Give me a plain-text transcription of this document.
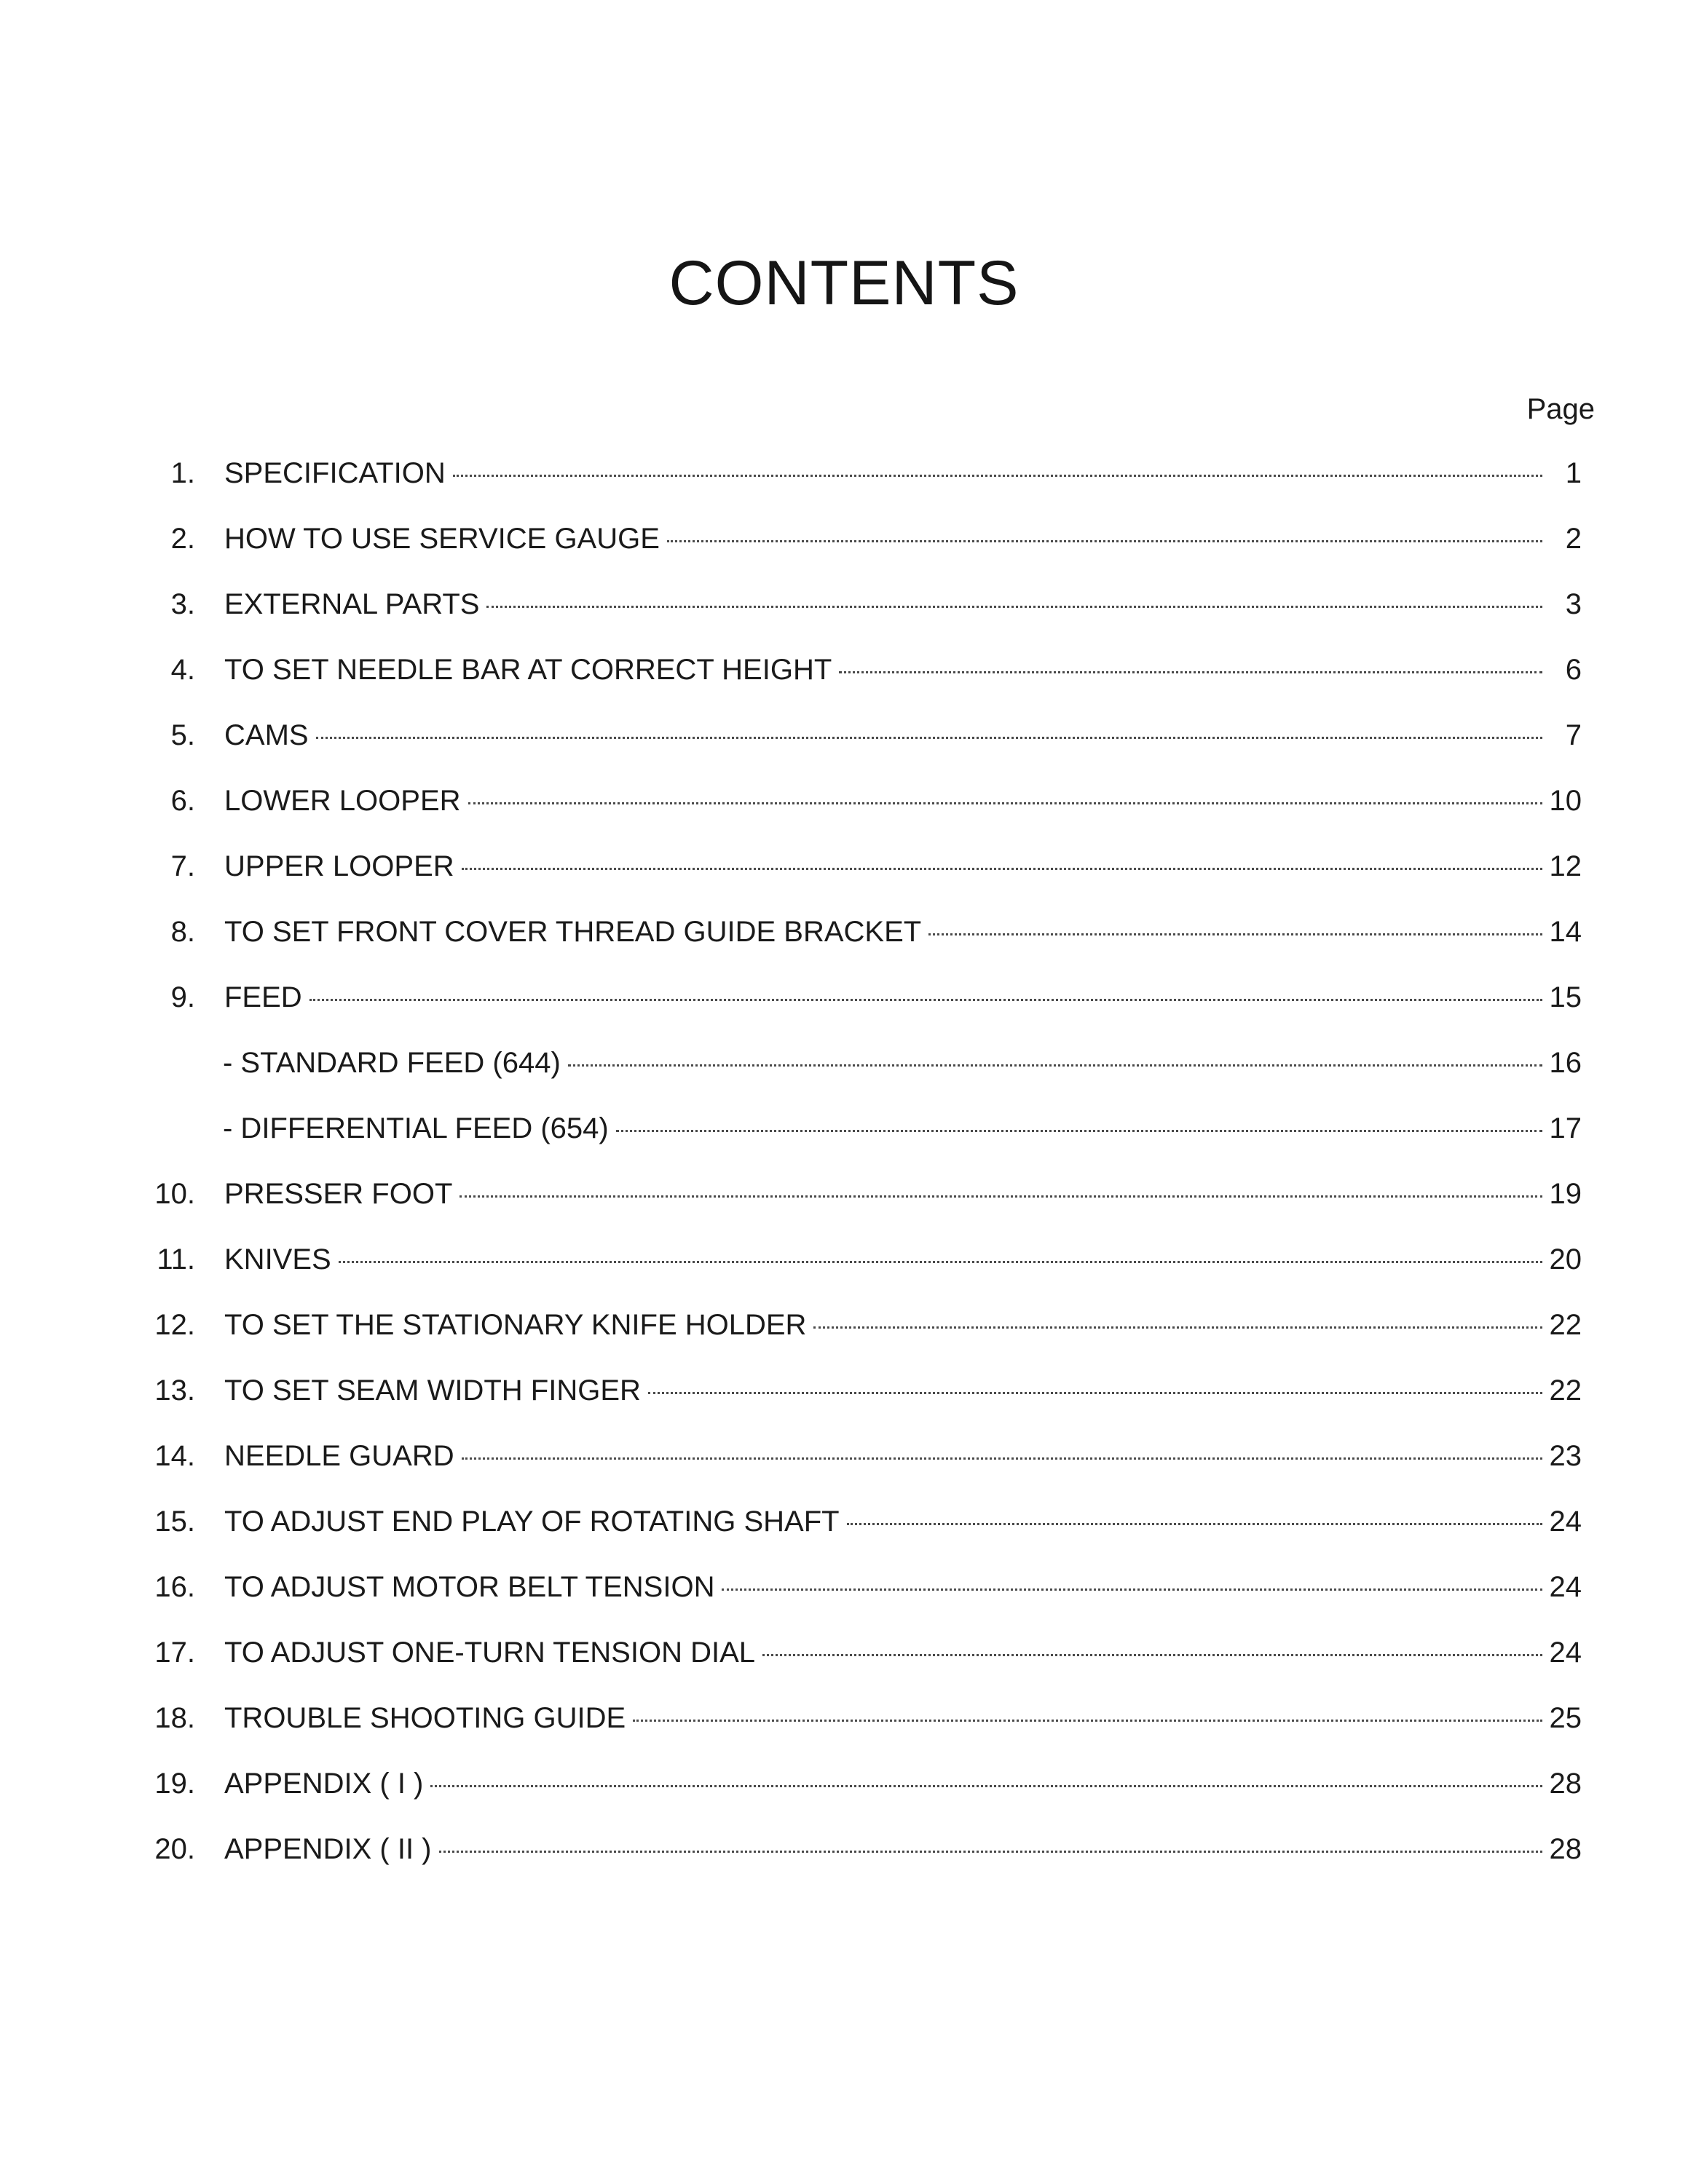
CONTENTS
Page
1. SPECIFICATION	1
2. HOW TO USE SERVICE GAUGE	2
3. EXTERNAL PARTS	3
4. TO SET NEEDLE BAR AT CORRECT HEIGHT	6
5. CAMS	7
6. LOWER LOOPER	10
7. UPPER LOOPER	12
8. TO SET FRONT COVER THREAD GUIDE BRACKET	14
9. FEED	15
- STANDARD FEED (644)	16
- DIFFERENTIAL FEED (654)	17
10. PRESSER FOOT	19
11. KNIVES	20
12. TO SET THE STATIONARY KNIFE HOLDER	22
13. TO SET SEAM WIDTH FINGER	22
14. NEEDLE GUARD	23
15. TO ADJUST END PLAY OF ROTATING SHAFT	24
16. TO ADJUST MOTOR BELT TENSION	24
17. TO ADJUST ONE-TURN TENSION DIAL	24
18. TROUBLE SHOOTING GUIDE	25
19. APPENDIX ( I )	28
20. APPENDIX ( II )	28
